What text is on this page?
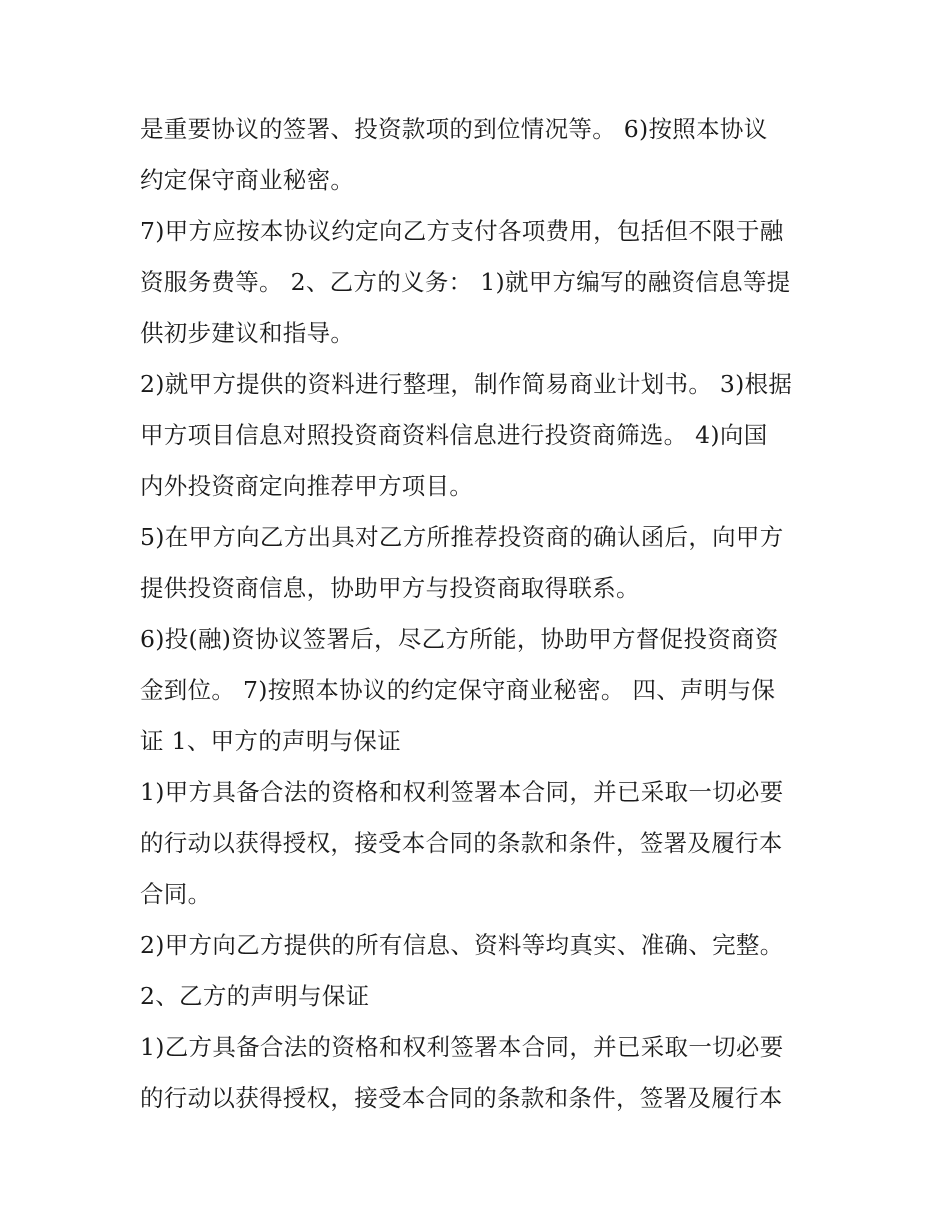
是重要协议的签署、投资款项的到位情况等。 6)按照本协议
约定保守商业秘密。
7)甲方应按本协议约定向乙方支付各项费用，包括但不限于融
资服务费等。 2、乙方的义务： 1)就甲方编写的融资信息等提
供初步建议和指导。
2)就甲方提供的资料进行整理，制作简易商业计划书。 3)根据
甲方项目信息对照投资商资料信息进行投资商筛选。 4)向国
内外投资商定向推荐甲方项目。
5)在甲方向乙方出具对乙方所推荐投资商的确认函后，向甲方
提供投资商信息，协助甲方与投资商取得联系。
6)投(融)资协议签署后，尽乙方所能，协助甲方督促投资商资
金到位。 7)按照本协议的约定保守商业秘密。 四、声明与保
证 1、甲方的声明与保证
1)甲方具备合法的资格和权利签署本合同，并已采取一切必要
的行动以获得授权，接受本合同的条款和条件，签署及履行本
合同。
2)甲方向乙方提供的所有信息、资料等均真实、准确、完整。
2、乙方的声明与保证
1)乙方具备合法的资格和权利签署本合同，并已采取一切必要
的行动以获得授权，接受本合同的条款和条件，签署及履行本
